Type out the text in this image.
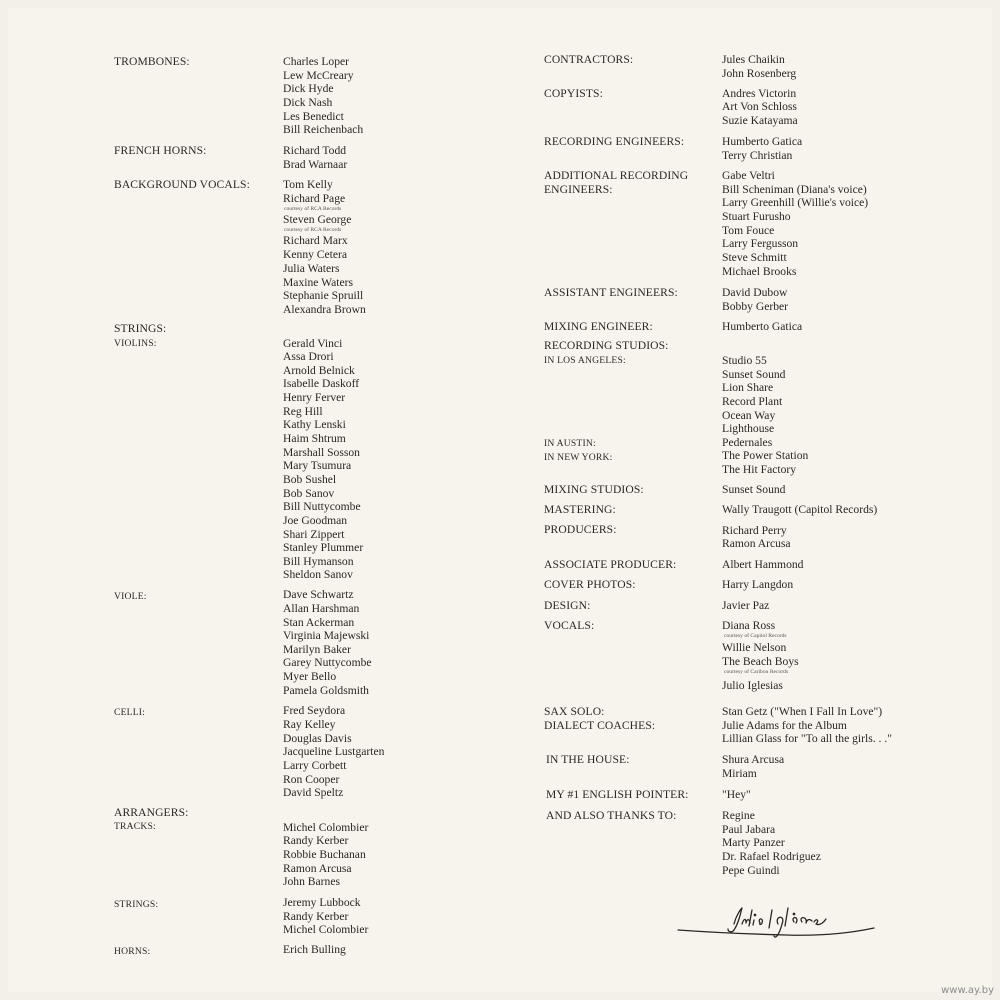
TROMBONES:	Charles Loper
Lew McCreary
Dick Hyde
Dick Nash
Les Benedict
Bill Reichenbach
FRENCH HORNS:	Richard Todd
Brad Warnaar
BACKGROUND VOCALS:	Tom Kelly
Richard Page
courtesy of RCA Records
Steven George
courtesy of RCA Records
Richard Marx
Kenny Cetera
Julia Waters
Maxine Waters
Stephanie Spruill
Alexandra Brown
STRINGS:
VIOLINS:	Gerald Vinci
Assa Drori
Arnold Belnick
Isabelle Daskoff
Henry Ferver
Reg Hill
Kathy Lenski
Haim Shtrum
Marshall Sosson
Mary Tsumura
Bob Sushel
Bob Sanov
Bill Nuttycombe
Joe Goodman
Shari Zippert
Stanley Plummer
Bill Hymanson
Sheldon Sanov
VIOLE:	Dave Schwartz
Allan Harshman
Stan Ackerman
Virginia Majewski
Marilyn Baker
Garey Nuttycombe
Myer Bello
Pamela Goldsmith
CELLI:	Fred Seydora
Ray Kelley
Douglas Davis
Jacqueline Lustgarten
Larry Corbett
Ron Cooper
David Speltz
ARRANGERS:
TRACKS:	Michel Colombier
Randy Kerber
Robbie Buchanan
Ramon Arcusa
John Barnes
STRINGS:	Jeremy Lubbock
Randy Kerber
Michel Colombier
HORNS:	Erich Bulling
CONTRACTORS:	Jules Chaikin
John Rosenberg
COPYISTS:	Andres Victorin
Art Von Schloss
Suzie Katayama
RECORDING ENGINEERS:	Humberto Gatica
Terry Christian
ADDITIONAL RECORDING
ENGINEERS:
Gabe Veltri
Bill Scheniman (Diana's voice)
Larry Greenhill (Willie's voice)
Stuart Furusho
Tom Fouce
Larry Fergusson
Steve Schmitt
Michael Brooks
ASSISTANT ENGINEERS:	David Dubow
Bobby Gerber
MIXING ENGINEER:	Humberto Gatica
RECORDING STUDIOS:
IN LOS ANGELES:	Studio 55
Sunset Sound
Lion Share
Record Plant
Ocean Way
Lighthouse
IN AUSTIN:	Pedernales
IN NEW YORK:	The Power Station
The Hit Factory
MIXING STUDIOS:	Sunset Sound
MASTERING:	Wally Traugott (Capitol Records)
PRODUCERS:	Richard Perry
Ramon Arcusa
ASSOCIATE PRODUCER:	Albert Hammond
COVER PHOTOS:	Harry Langdon
DESIGN:	Javier Paz
VOCALS:	Diana Ross
courtesy of Capitol Records
Willie Nelson
The Beach Boys
courtesy of Caribou Records
Julio Iglesias
SAX SOLO:	Stan Getz ("When I Fall In Love")
DIALECT COACHES:	Julie Adams for the Album
Lillian Glass for "To all the girls. . ."
IN THE HOUSE:	Shura Arcusa
Miriam
MY #1 ENGLISH POINTER:	"Hey"
AND ALSO THANKS TO:	Regine
Paul Jabara
Marty Panzer
Dr. Rafael Rodriguez
Pepe Guindi
www.ay.by
